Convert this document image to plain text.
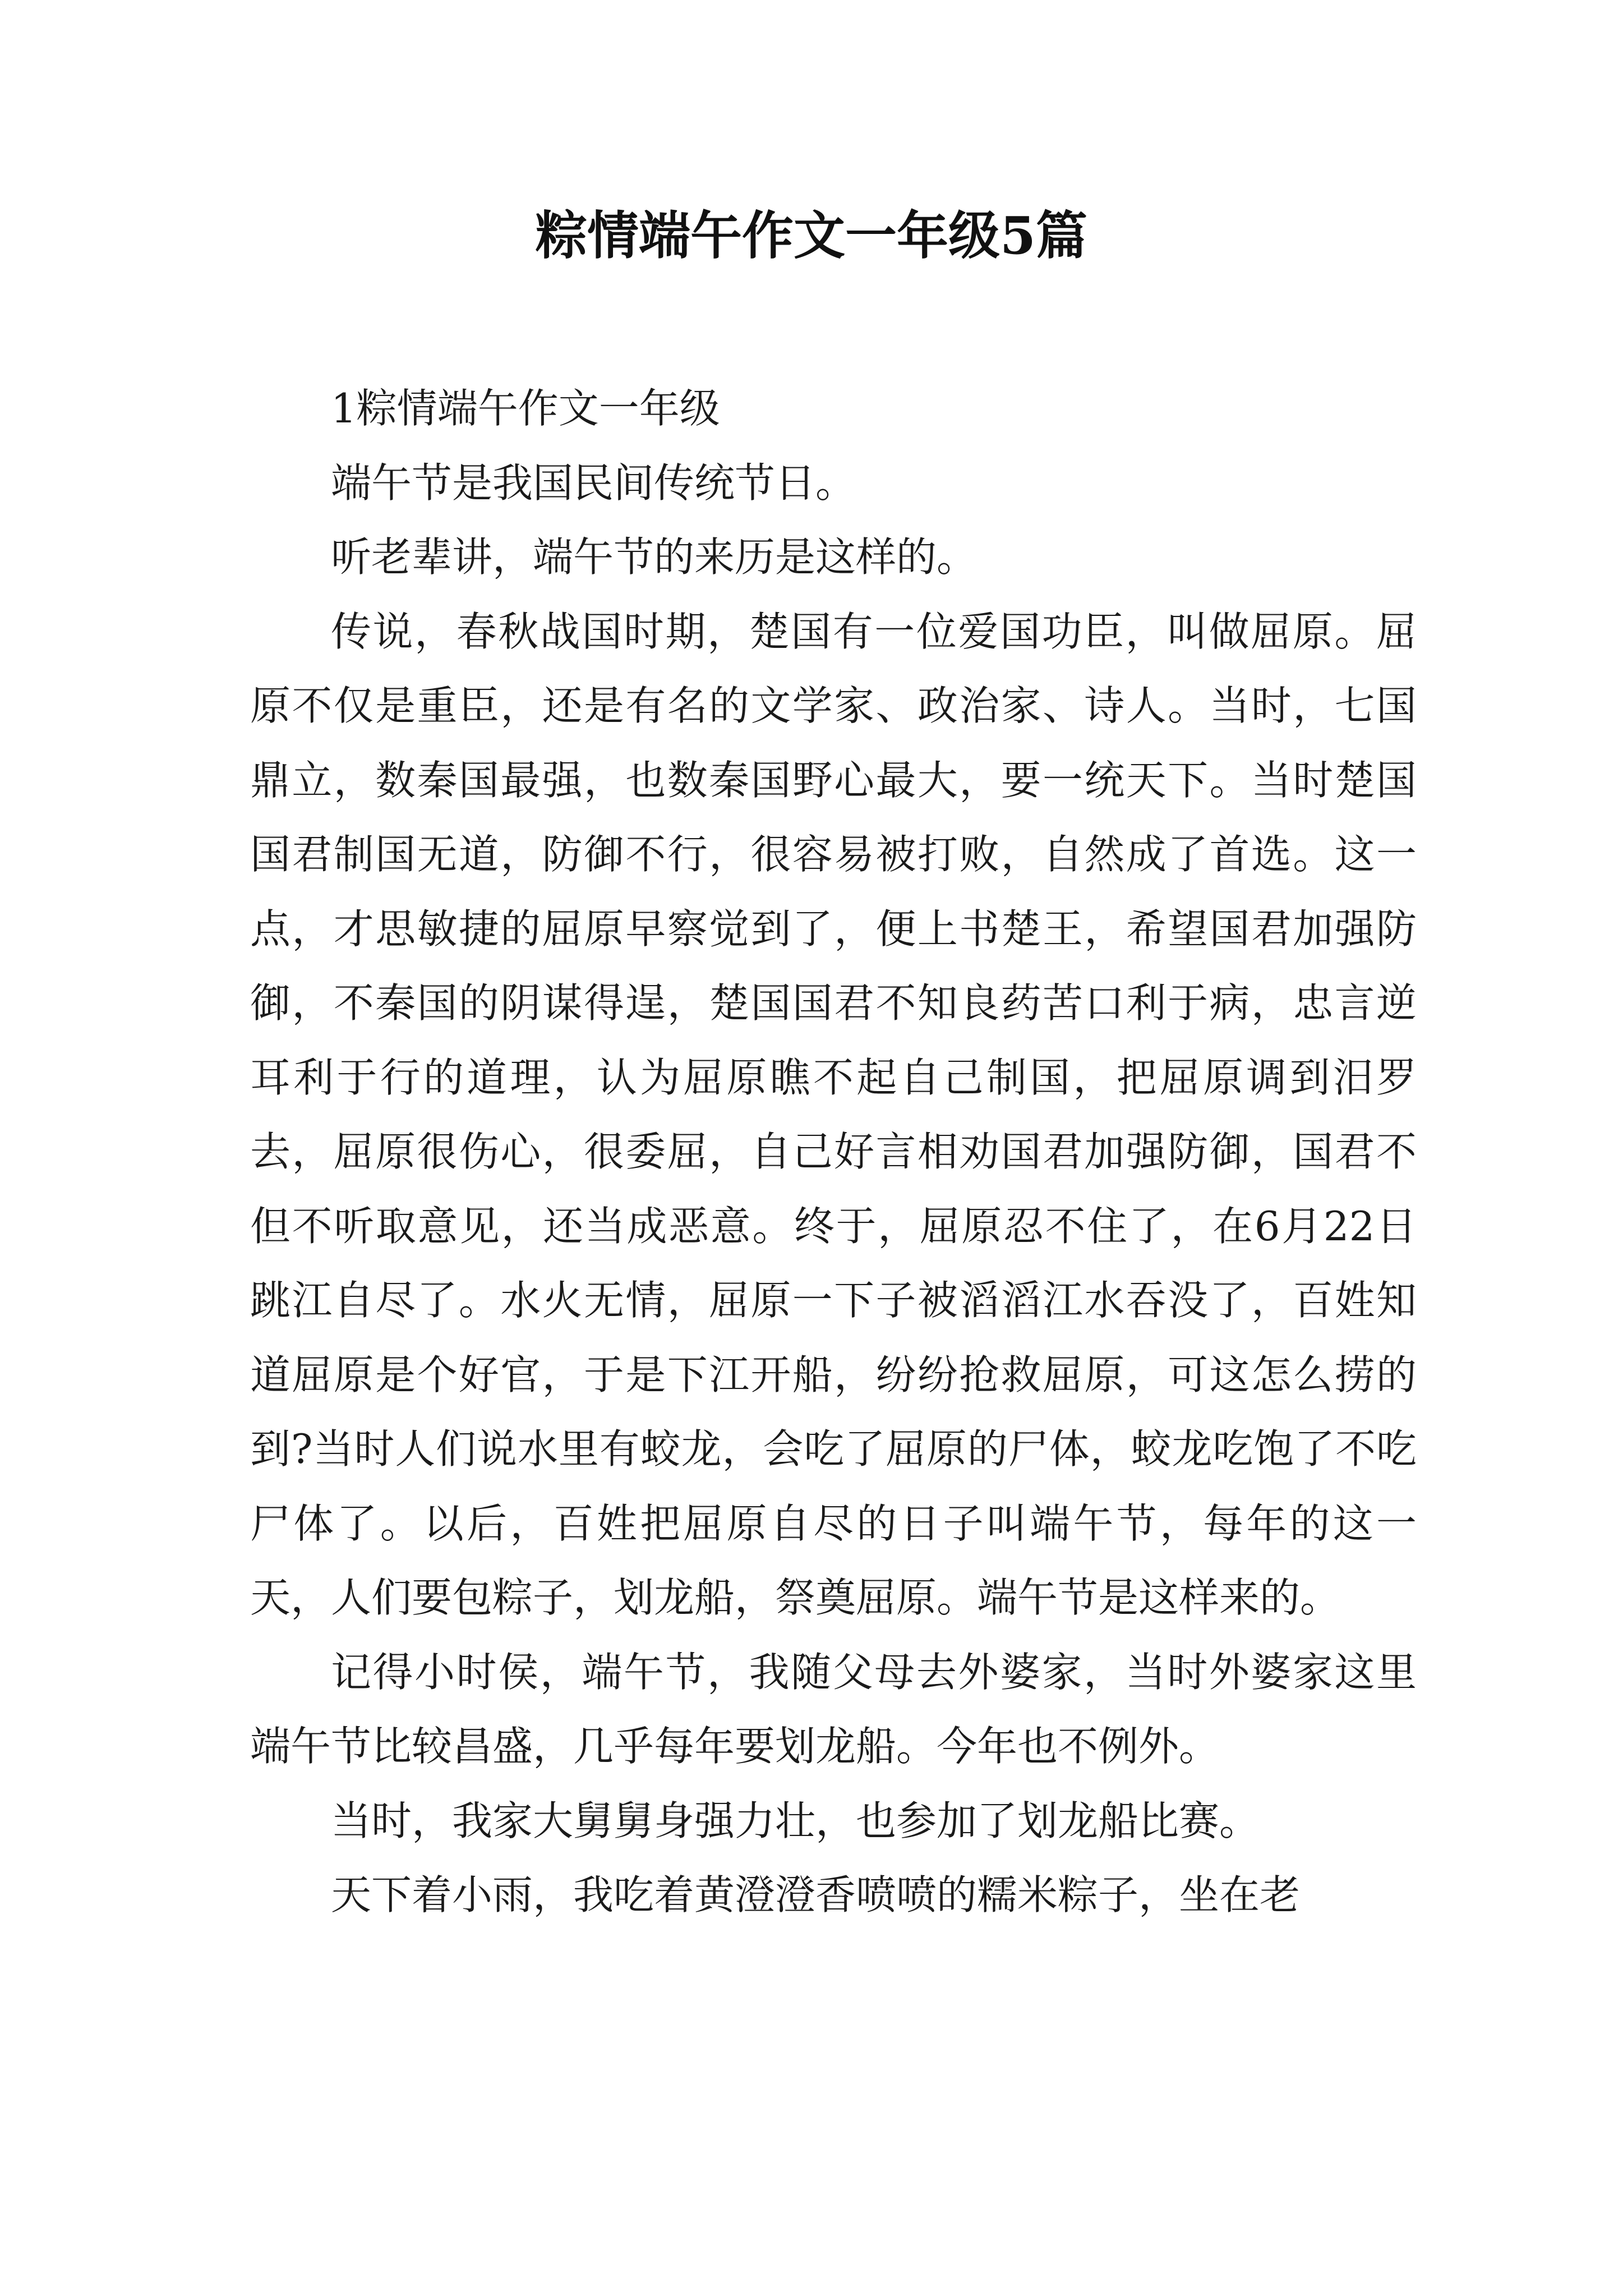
粽情端午作文一年级5篇

1粽情端午作文一年级

端午节是我国民间传统节日。

听老辈讲，端午节的来历是这样的。

传说，春秋战国时期，楚国有一位爱国功臣，叫做屈原。屈原不仅是重臣，还是有名的文学家、政治家、诗人。当时，七国鼎立，数秦国最强，也数秦国野心最大，要一统天下。当时楚国国君制国无道，防御不行，很容易被打败，自然成了首选。这一点，才思敏捷的屈原早察觉到了，便上书楚王，希望国君加强防御，不秦国的阴谋得逞，楚国国君不知良药苦口利于病，忠言逆耳利于行的道理，认为屈原瞧不起自己制国，把屈原调到汨罗去，屈原很伤心，很委屈，自己好言相劝国君加强防御，国君不但不听取意见，还当成恶意。终于，屈原忍不住了，在6月22日跳江自尽了。水火无情，屈原一下子被滔滔江水吞没了，百姓知道屈原是个好官，于是下江开船，纷纷抢救屈原，可这怎么捞的到?当时人们说水里有蛟龙，会吃了屈原的尸体，蛟龙吃饱了不吃尸体了。以后，百姓把屈原自尽的日子叫端午节，每年的这一天，人们要包粽子，划龙船，祭奠屈原。端午节是这样来的。

记得小时侯，端午节，我随父母去外婆家，当时外婆家这里端午节比较昌盛，几乎每年要划龙船。今年也不例外。

当时，我家大舅舅身强力壮，也参加了划龙船比赛。

天下着小雨，我吃着黄澄澄香喷喷的糯米粽子，坐在老
